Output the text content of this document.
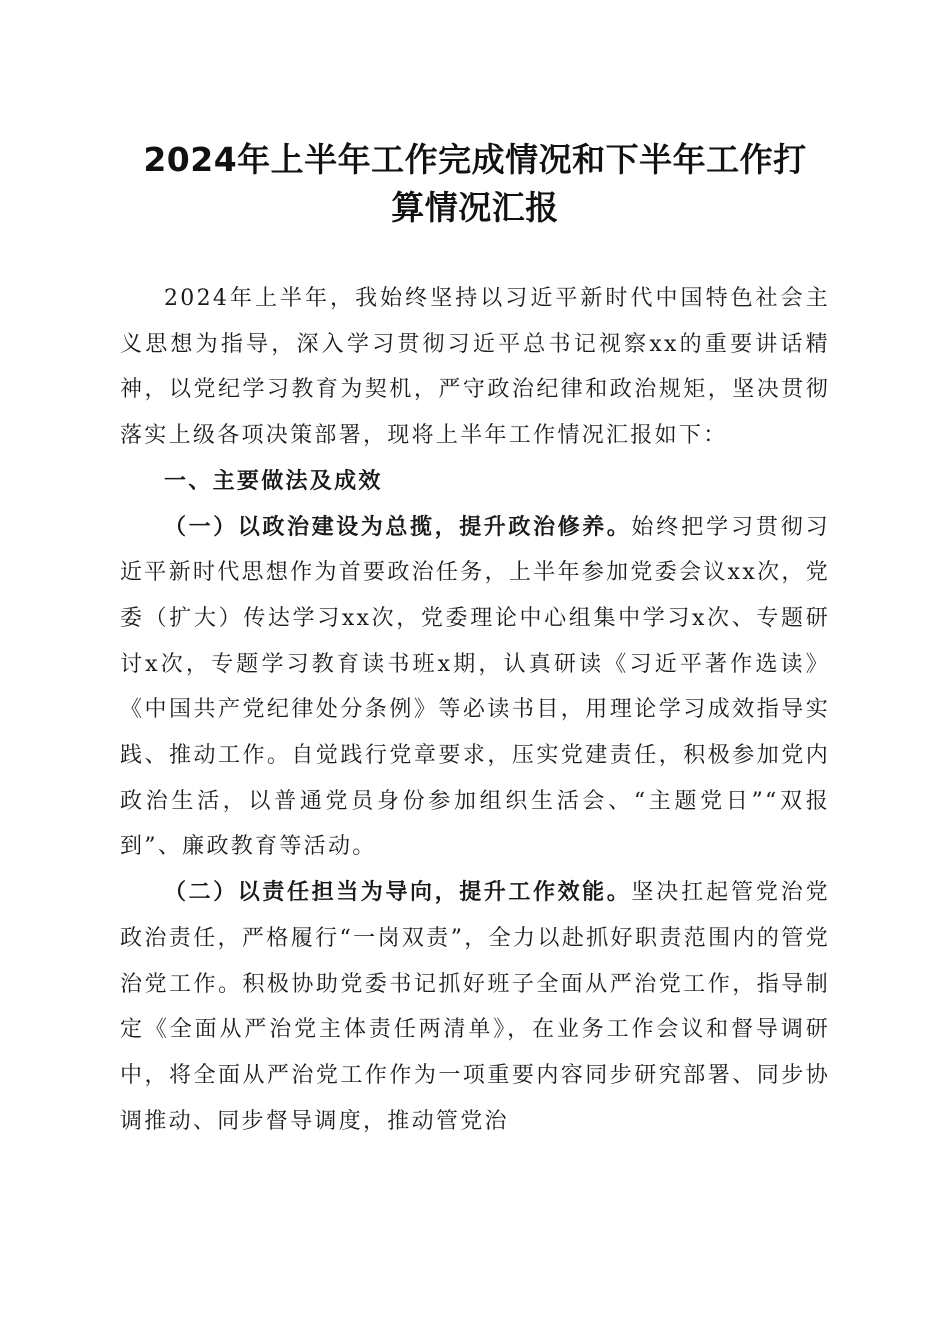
2024年上半年工作完成情况和下半年工作打
算情况汇报

2024年上半年，我始终坚持以习近平新时代中国特色社会主义思想为指导，深入学习贯彻习近平总书记视察xx的重要讲话精神，以党纪学习教育为契机，严守政治纪律和政治规矩，坚决贯彻落实上级各项决策部署，现将上半年工作情况汇报如下：

一、主要做法及成效

（一）以政治建设为总揽，提升政治修养。始终把学习贯彻习近平新时代思想作为首要政治任务，上半年参加党委会议xx次，党委（扩大）传达学习xx次，党委理论中心组集中学习x次、专题研讨x次，专题学习教育读书班x期，认真研读《习近平著作选读》《中国共产党纪律处分条例》等必读书目，用理论学习成效指导实践、推动工作。自觉践行党章要求，压实党建责任，积极参加党内政治生活，以普通党员身份参加组织生活会、“主题党日”“双报到”、廉政教育等活动。

（二）以责任担当为导向，提升工作效能。坚决扛起管党治党政治责任，严格履行“一岗双责”，全力以赴抓好职责范围内的管党治党工作。积极协助党委书记抓好班子全面从严治党工作，指导制定《全面从严治党主体责任两清单》，在业务工作会议和督导调研中，将全面从严治党工作作为一项重要内容同步研究部署、同步协调推动、同步督导调度，推动管党治
